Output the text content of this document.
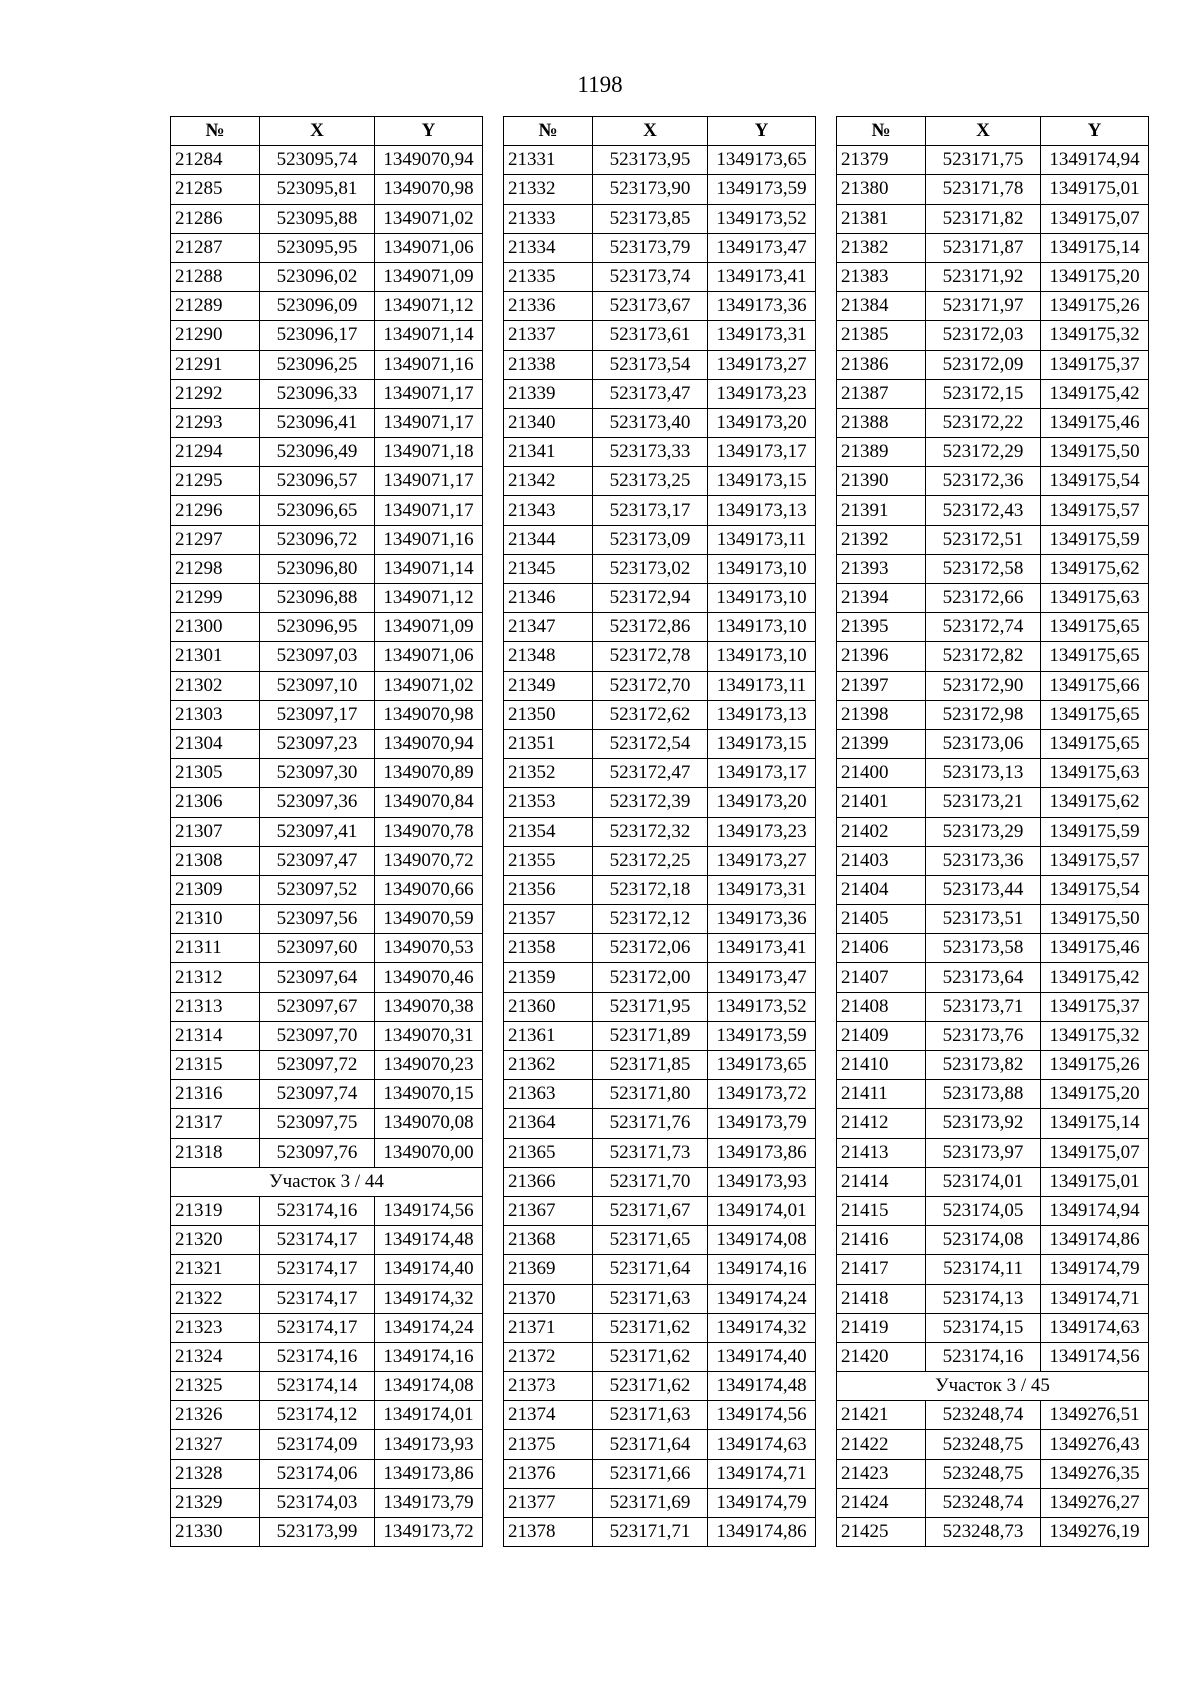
1198
№	X	Y
21284	523095,74	1349070,94
21285	523095,81	1349070,98
21286	523095,88	1349071,02
21287	523095,95	1349071,06
21288	523096,02	1349071,09
21289	523096,09	1349071,12
21290	523096,17	1349071,14
21291	523096,25	1349071,16
21292	523096,33	1349071,17
21293	523096,41	1349071,17
21294	523096,49	1349071,18
21295	523096,57	1349071,17
21296	523096,65	1349071,17
21297	523096,72	1349071,16
21298	523096,80	1349071,14
21299	523096,88	1349071,12
21300	523096,95	1349071,09
21301	523097,03	1349071,06
21302	523097,10	1349071,02
21303	523097,17	1349070,98
21304	523097,23	1349070,94
21305	523097,30	1349070,89
21306	523097,36	1349070,84
21307	523097,41	1349070,78
21308	523097,47	1349070,72
21309	523097,52	1349070,66
21310	523097,56	1349070,59
21311	523097,60	1349070,53
21312	523097,64	1349070,46
21313	523097,67	1349070,38
21314	523097,70	1349070,31
21315	523097,72	1349070,23
21316	523097,74	1349070,15
21317	523097,75	1349070,08
21318	523097,76	1349070,00
Участок 3 / 44		
21319	523174,16	1349174,56
21320	523174,17	1349174,48
21321	523174,17	1349174,40
21322	523174,17	1349174,32
21323	523174,17	1349174,24
21324	523174,16	1349174,16
21325	523174,14	1349174,08
21326	523174,12	1349174,01
21327	523174,09	1349173,93
21328	523174,06	1349173,86
21329	523174,03	1349173,79
21330	523173,99	1349173,72
№	X	Y
21331	523173,95	1349173,65
21332	523173,90	1349173,59
21333	523173,85	1349173,52
21334	523173,79	1349173,47
21335	523173,74	1349173,41
21336	523173,67	1349173,36
21337	523173,61	1349173,31
21338	523173,54	1349173,27
21339	523173,47	1349173,23
21340	523173,40	1349173,20
21341	523173,33	1349173,17
21342	523173,25	1349173,15
21343	523173,17	1349173,13
21344	523173,09	1349173,11
21345	523173,02	1349173,10
21346	523172,94	1349173,10
21347	523172,86	1349173,10
21348	523172,78	1349173,10
21349	523172,70	1349173,11
21350	523172,62	1349173,13
21351	523172,54	1349173,15
21352	523172,47	1349173,17
21353	523172,39	1349173,20
21354	523172,32	1349173,23
21355	523172,25	1349173,27
21356	523172,18	1349173,31
21357	523172,12	1349173,36
21358	523172,06	1349173,41
21359	523172,00	1349173,47
21360	523171,95	1349173,52
21361	523171,89	1349173,59
21362	523171,85	1349173,65
21363	523171,80	1349173,72
21364	523171,76	1349173,79
21365	523171,73	1349173,86
21366	523171,70	1349173,93
21367	523171,67	1349174,01
21368	523171,65	1349174,08
21369	523171,64	1349174,16
21370	523171,63	1349174,24
21371	523171,62	1349174,32
21372	523171,62	1349174,40
21373	523171,62	1349174,48
21374	523171,63	1349174,56
21375	523171,64	1349174,63
21376	523171,66	1349174,71
21377	523171,69	1349174,79
21378	523171,71	1349174,86
№	X	Y
21379	523171,75	1349174,94
21380	523171,78	1349175,01
21381	523171,82	1349175,07
21382	523171,87	1349175,14
21383	523171,92	1349175,20
21384	523171,97	1349175,26
21385	523172,03	1349175,32
21386	523172,09	1349175,37
21387	523172,15	1349175,42
21388	523172,22	1349175,46
21389	523172,29	1349175,50
21390	523172,36	1349175,54
21391	523172,43	1349175,57
21392	523172,51	1349175,59
21393	523172,58	1349175,62
21394	523172,66	1349175,63
21395	523172,74	1349175,65
21396	523172,82	1349175,65
21397	523172,90	1349175,66
21398	523172,98	1349175,65
21399	523173,06	1349175,65
21400	523173,13	1349175,63
21401	523173,21	1349175,62
21402	523173,29	1349175,59
21403	523173,36	1349175,57
21404	523173,44	1349175,54
21405	523173,51	1349175,50
21406	523173,58	1349175,46
21407	523173,64	1349175,42
21408	523173,71	1349175,37
21409	523173,76	1349175,32
21410	523173,82	1349175,26
21411	523173,88	1349175,20
21412	523173,92	1349175,14
21413	523173,97	1349175,07
21414	523174,01	1349175,01
21415	523174,05	1349174,94
21416	523174,08	1349174,86
21417	523174,11	1349174,79
21418	523174,13	1349174,71
21419	523174,15	1349174,63
21420	523174,16	1349174,56
Участок 3 / 45		
21421	523248,74	1349276,51
21422	523248,75	1349276,43
21423	523248,75	1349276,35
21424	523248,74	1349276,27
21425	523248,73	1349276,19
